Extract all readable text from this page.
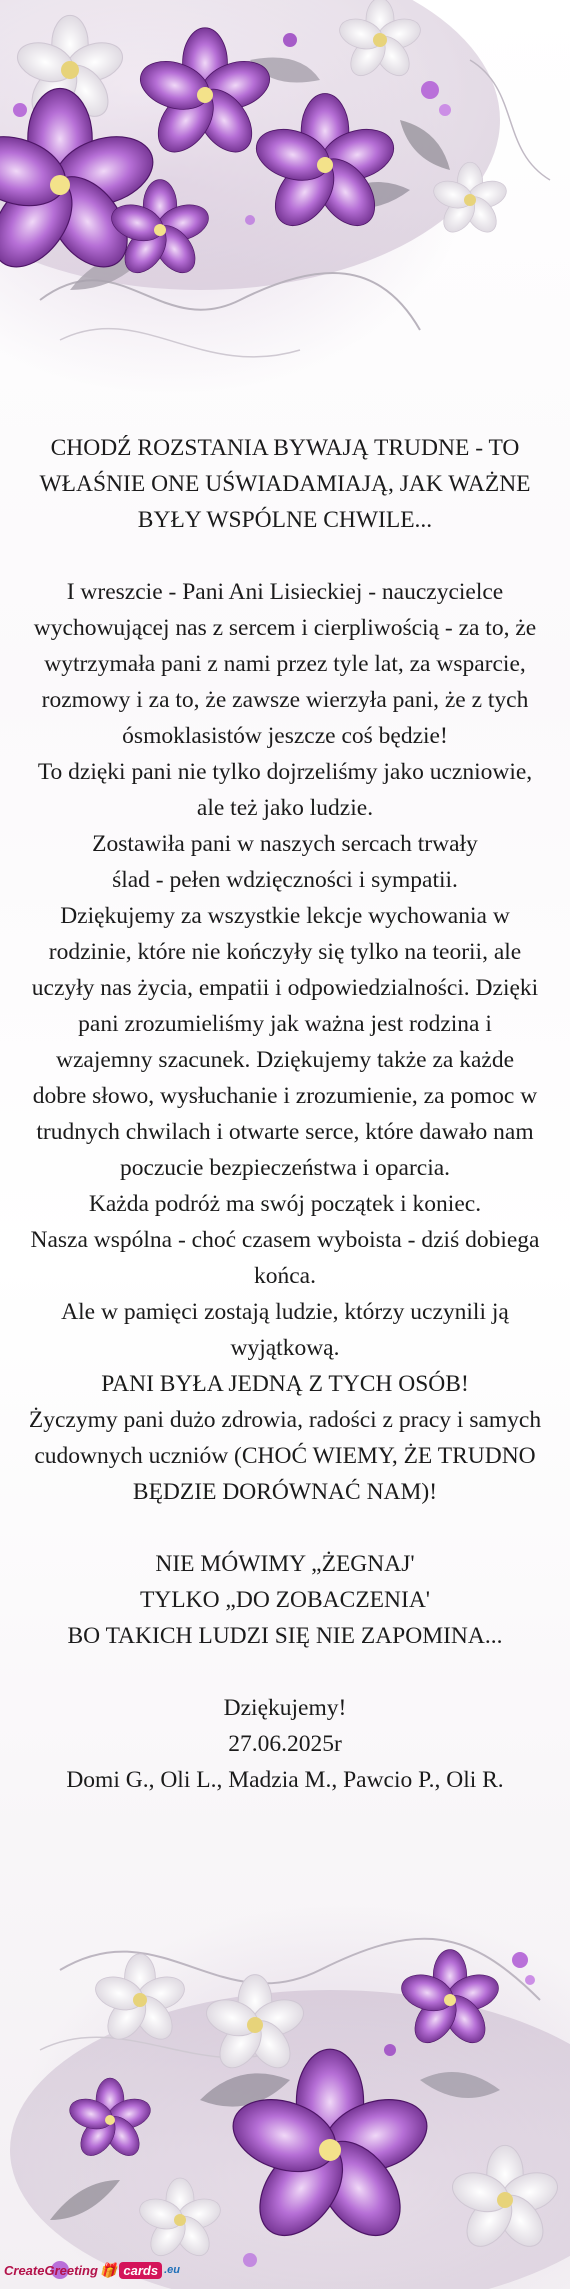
CHODŹ ROZSTANIA BYWAJĄ TRUDNE - TO
WŁAŚNIE ONE UŚWIADAMIAJĄ, JAK WAŻNE
BYŁY WSPÓLNE CHWILE...
I wreszcie - Pani Ani Lisieckiej - nauczycielce
wychowującej nas z sercem i cierpliwością - za to, że
wytrzymała pani z nami przez tyle lat, za wsparcie,
rozmowy i za to, że zawsze wierzyła pani, że z tych
ósmoklasistów jeszcze coś będzie!
To dzięki pani nie tylko dojrzeliśmy jako uczniowie,
ale też jako ludzie.
Zostawiła pani w naszych sercach trwały
ślad - pełen wdzięczności i sympatii.
Dziękujemy za wszystkie lekcje wychowania w
rodzinie, które nie kończyły się tylko na teorii, ale
uczyły nas życia, empatii i odpowiedzialności. Dzięki
pani zrozumieliśmy jak ważna jest rodzina i
wzajemny szacunek. Dziękujemy także za każde
dobre słowo, wysłuchanie i zrozumienie, za pomoc w
trudnych chwilach i otwarte serce, które dawało nam
poczucie bezpieczeństwa i oparcia.
Każda podróż ma swój początek i koniec.
Nasza wspólna - choć czasem wyboista - dziś dobiega
końca.
Ale w pamięci zostają ludzie, którzy uczynili ją
wyjątkową.
PANI BYŁA JEDNĄ Z TYCH OSÓB!
Życzymy pani dużo zdrowia, radości z pracy i samych
cudownych uczniów (CHOĆ WIEMY, ŻE TRUDNO
BĘDZIE DORÓWNAĆ NAM)!
NIE MÓWIMY „ŻEGNAJ'
TYLKO „DO ZOBACZENIA'
BO TAKICH LUDZI SIĘ NIE ZAPOMINA...
Dziękujemy!
27.06.2025r
Domi G., Oli L., Madzia M., Pawcio P., Oli R.
CreateGreeting 🎁 cards .eu
